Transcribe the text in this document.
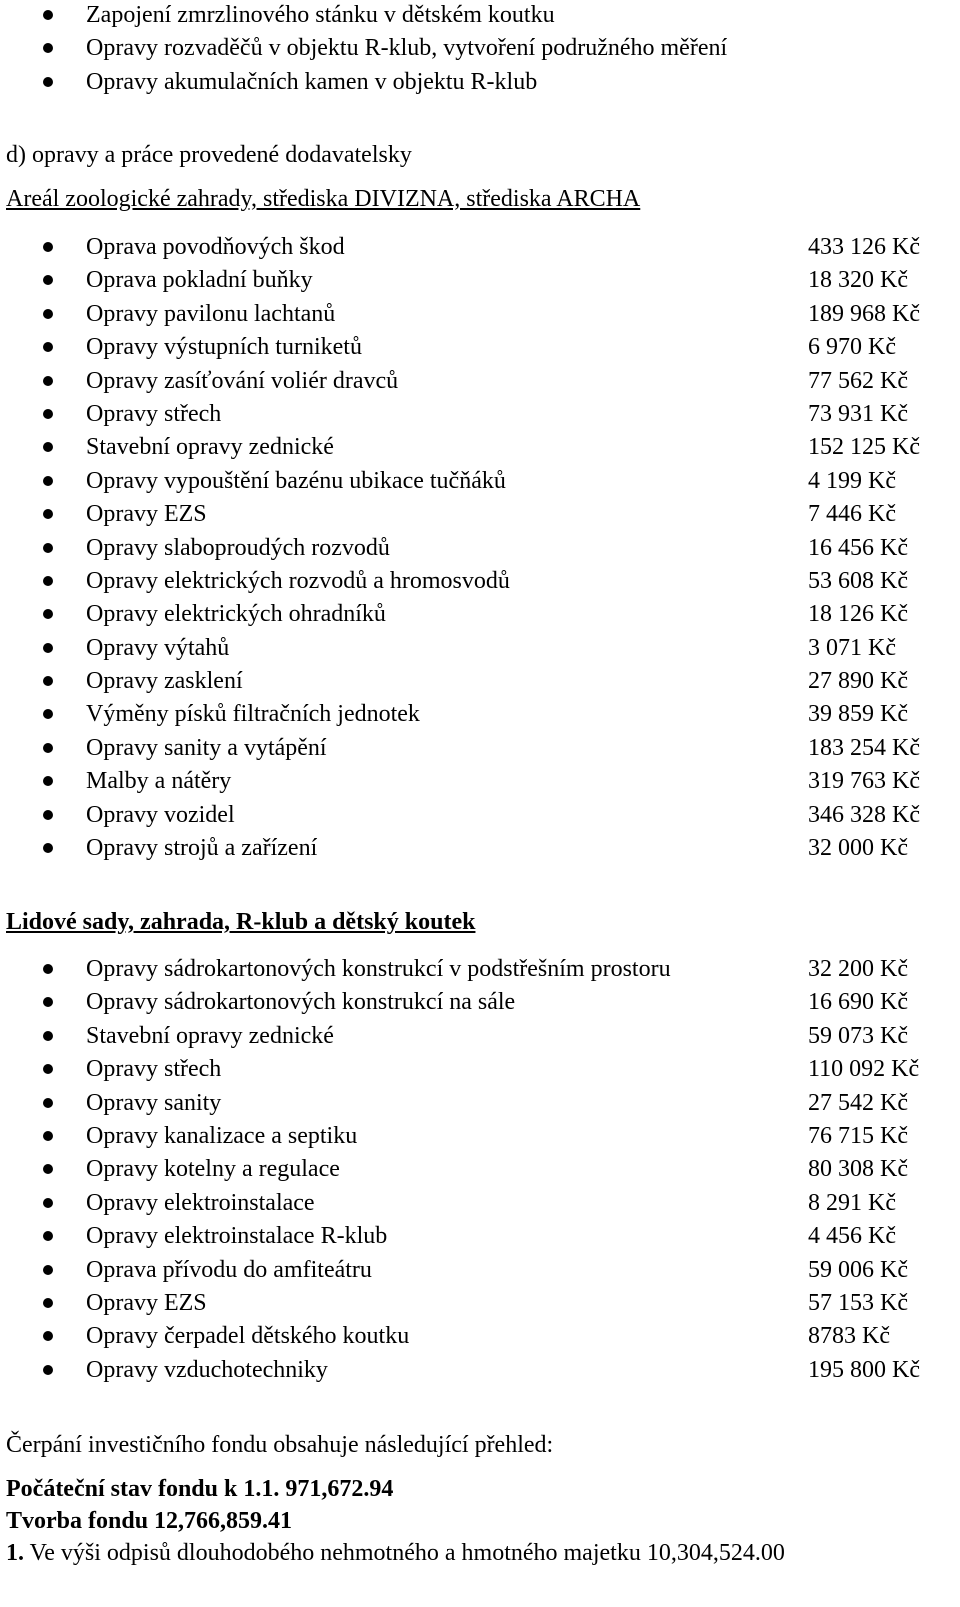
Zapojení zmrzlinového stánku v dětském koutku
Opravy rozvaděčů v objektu R-klub, vytvoření podružného měření
Opravy akumulačních kamen v objektu R-klub
d) opravy a práce provedené dodavatelsky
Areál zoologické zahrady, střediska DIVIZNA, střediska ARCHA
Oprava povodňových škod	433 126 Kč
Oprava pokladní buňky	18 320 Kč
Opravy pavilonu lachtanů	189 968 Kč
Opravy výstupních turniketů	6 970 Kč
Opravy zasíťování voliér dravců	77 562 Kč
Opravy střech	73 931 Kč
Stavební opravy zednické	152 125 Kč
Opravy vypouštění bazénu ubikace tučňáků	4 199 Kč
Opravy EZS	7 446 Kč
Opravy slaboproudých rozvodů	16 456 Kč
Opravy elektrických rozvodů a hromosvodů	53 608 Kč
Opravy elektrických ohradníků	18 126 Kč
Opravy výtahů	3 071 Kč
Opravy zasklení	27 890 Kč
Výměny písků filtračních jednotek	39 859 Kč
Opravy sanity a vytápění	183 254 Kč
Malby a nátěry	319 763 Kč
Opravy vozidel	346 328 Kč
Opravy strojů a zařízení	32 000 Kč
Lidové sady, zahrada, R-klub a dětský koutek
Opravy sádrokartonových konstrukcí v podstřešním prostoru	32 200 Kč
Opravy sádrokartonových konstrukcí na sále	16 690 Kč
Stavební opravy zednické	59 073 Kč
Opravy střech	110 092 Kč
Opravy sanity	27 542 Kč
Opravy kanalizace a septiku	76 715 Kč
Opravy kotelny a regulace	80 308 Kč
Opravy elektroinstalace	8 291 Kč
Opravy elektroinstalace R-klub	4 456 Kč
Oprava přívodu do amfiteátru	59 006 Kč
Opravy EZS	57 153 Kč
Opravy čerpadel dětského koutku	8783 Kč
Opravy vzduchotechniky	195 800 Kč
Čerpání investičního fondu obsahuje následující přehled:
Počáteční stav fondu k 1.1. 971,672.94
Tvorba fondu 12,766,859.41
1. Ve výši odpisů dlouhodobého nehmotného a hmotného majetku 10,304,524.00
